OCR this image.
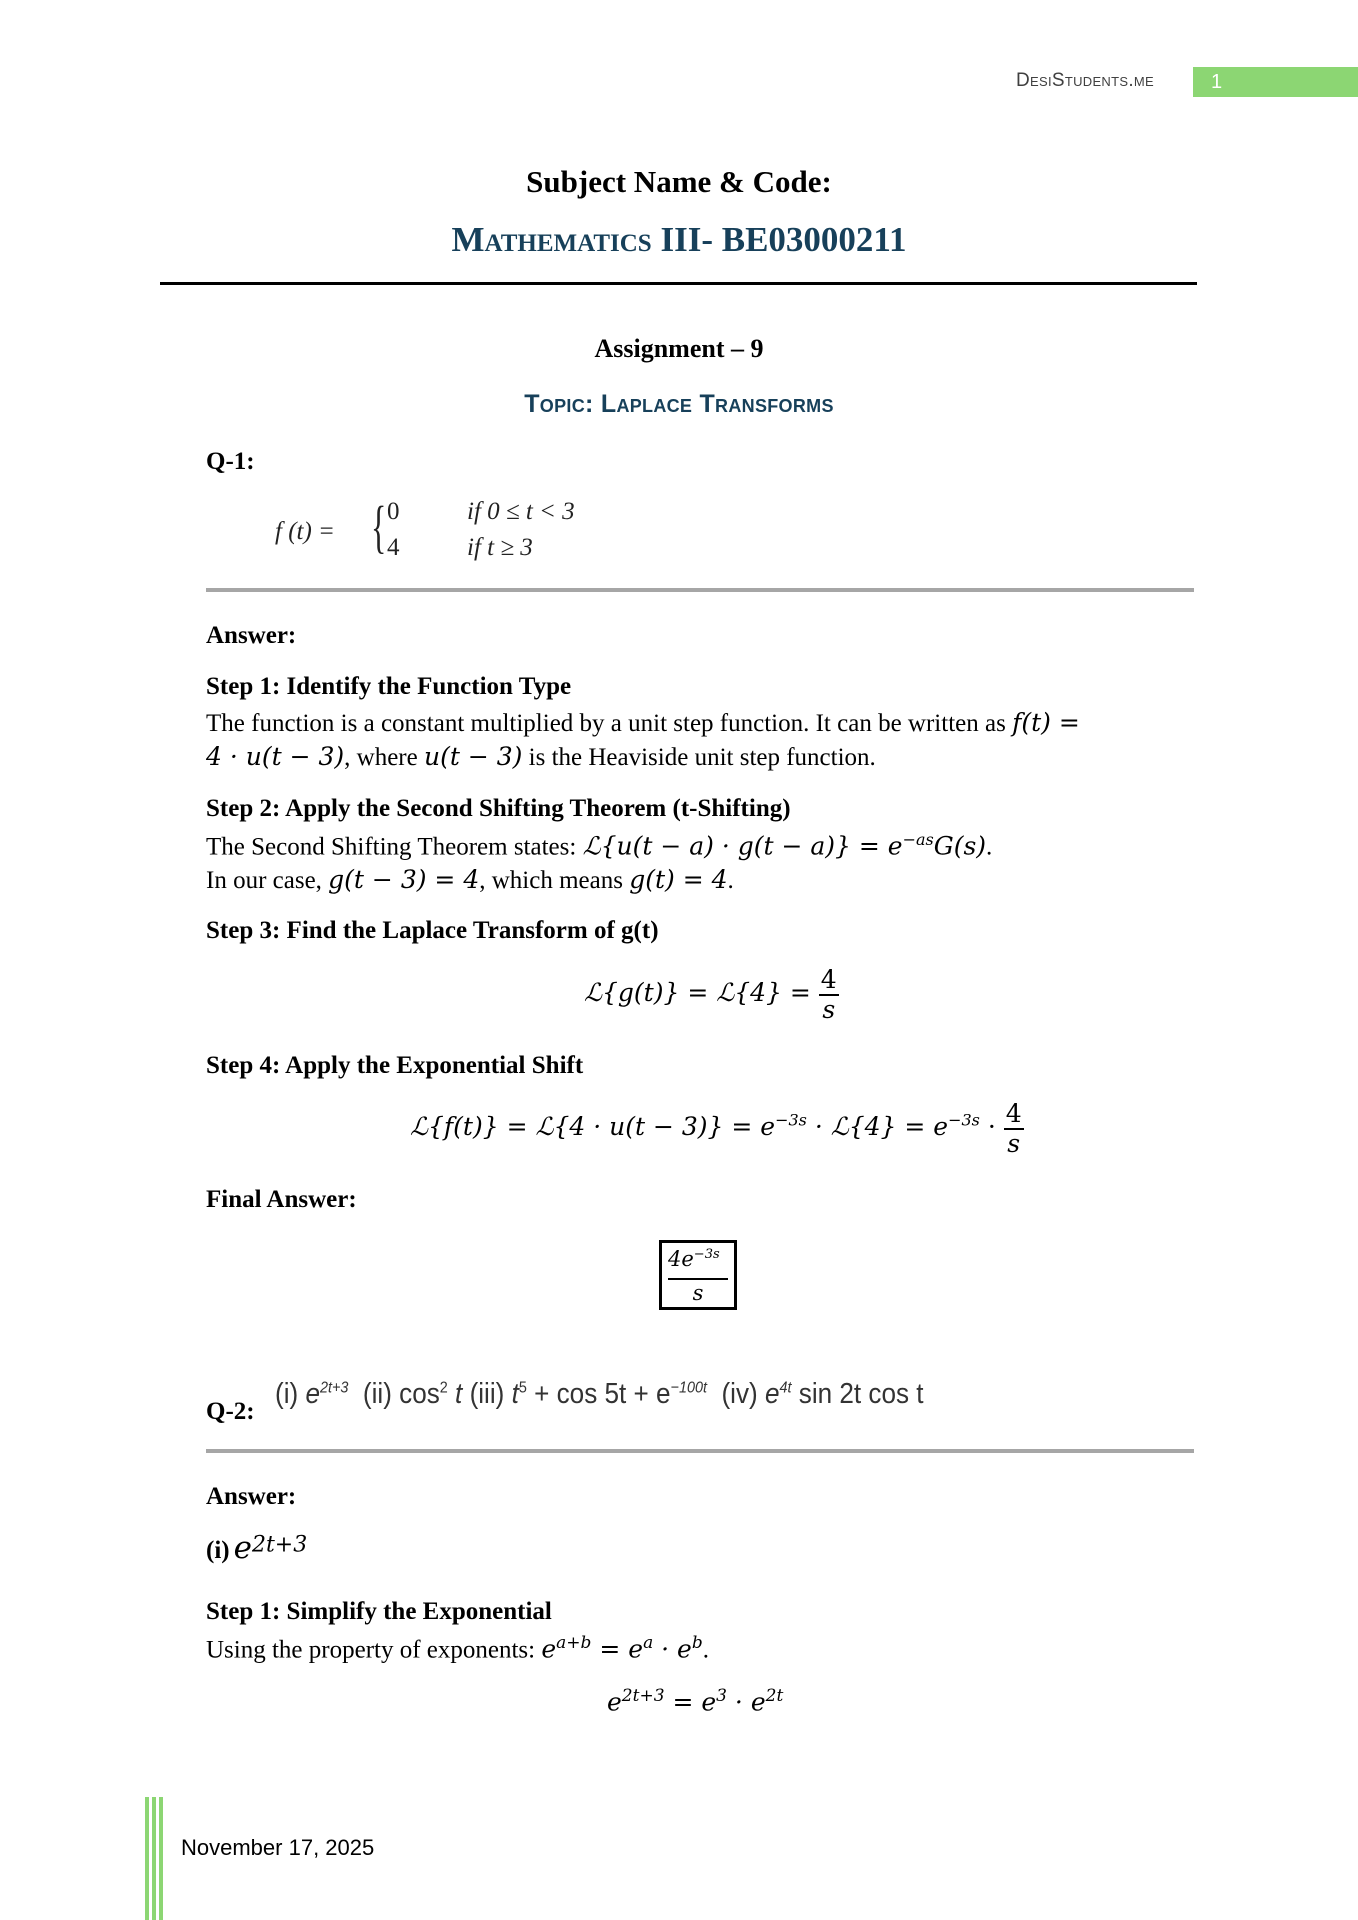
DesiStudents.me	1
Subject Name & Code:
Mathematics III- BE03000211
Assignment – 9
Topic: Laplace Transforms
Q-1:
f (t) = { 0	if 0 ≤ t < 3
4	if t ≥ 3
Answer:
Step 1: Identify the Function Type
The function is a constant multiplied by a unit step function. It can be written as f(t) =
4 · u(t − 3), where u(t − 3) is the Heaviside unit step function.
Step 2: Apply the Second Shifting Theorem (t-Shifting)
The Second Shifting Theorem states: ℒ{u(t − $a) \cdot g(t - a)\} = e^{-as}G(s)$.
In our case, g(t − 3) = 4, which means g(t) = 4.
Step 3: Find the Laplace Transform of g(t)
ℒ{g(t)} = ℒ{4} = $\frac{4}{s}$
Step 4: Apply the Exponential Shift
ℒ{f(t)} = ℒ{4 · $u(t - 3)\} = e^{-3s}$ · ℒ{4} = $e^{-3s} \cdot \frac{4}{s}$
Final Answer:
$4e^{-3s}$
s
Q-2:
(i) $e^{2t+3}$ (ii) $\cos^2 t$ (iii) $t^5 + \cos 5t + e^{-100t}$ (iv) $e^{4t}$ sin 2t cos t
Answer:
(i) $e^{2t+3}$
Step 1: Simplify the Exponential
Using the property of exponents: $e^{a+b} = e^a \cdot e^b$.
$e^{2t+3} = e^3 \cdot e^{2t}$
November 17, 2025
